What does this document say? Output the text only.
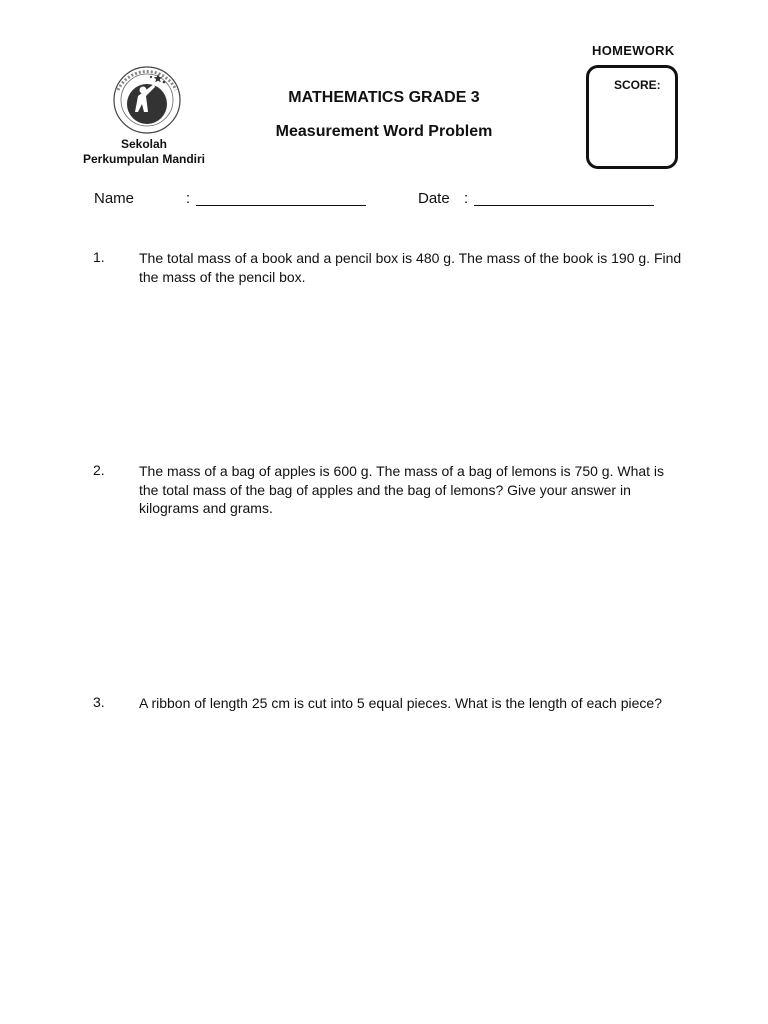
HOMEWORK
SCORE:
MATHEMATICS GRADE 3
Measurement Word Problem
Sekolah
Perkumpulan Mandiri
Name	:	Date :
1. The total mass of a book and a pencil box is 480 g. The mass of the book is 190 g. Find the mass of the pencil box.
2. The mass of a bag of apples is 600 g. The mass of a bag of lemons is 750 g. What is the total mass of the bag of apples and the bag of lemons? Give your answer in kilograms and grams.
3. A ribbon of length 25 cm is cut into 5 equal pieces. What is the length of each piece?
